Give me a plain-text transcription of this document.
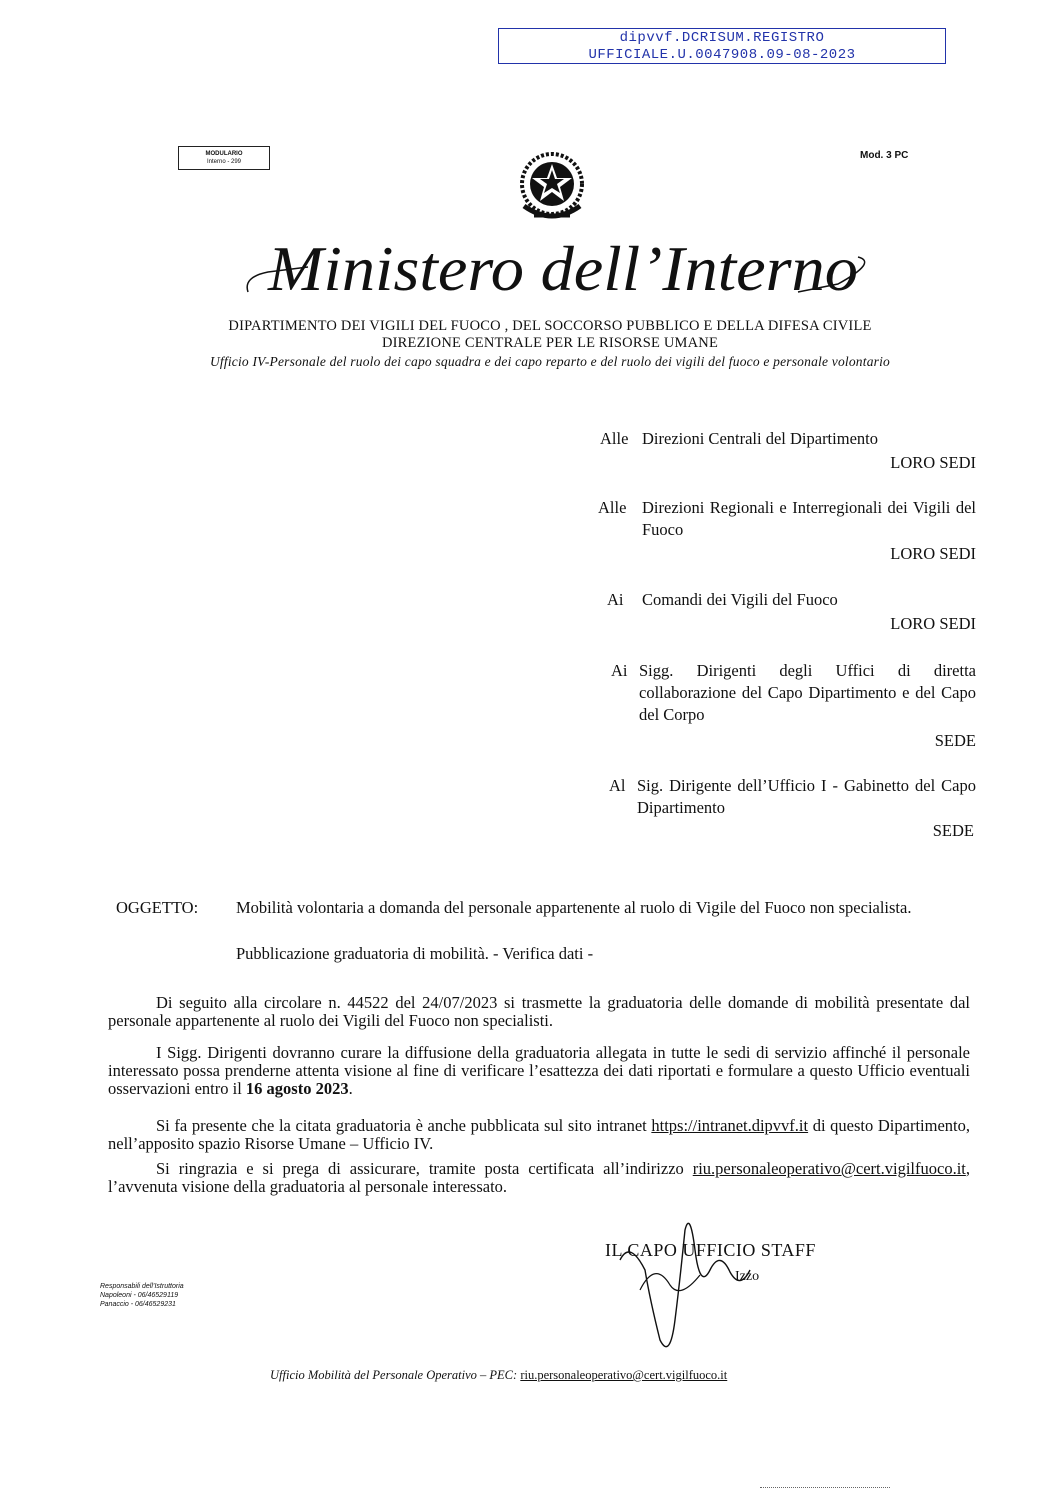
dipvvf.DCRISUM.REGISTRO
UFFICIALE.U.0047908.09-08-2023
MODULARIO
Interno - 299
Mod. 3 PC
Ministero dell’Interno
DIPARTIMENTO DEI VIGILI DEL FUOCO , DEL SOCCORSO PUBBLICO E DELLA DIFESA CIVILE
DIREZIONE CENTRALE PER LE RISORSE UMANE
Ufficio IV-Personale del ruolo dei capo squadra e dei capo reparto e del ruolo dei vigili del fuoco e personale volontario
Alle Direzioni Centrali del Dipartimento
LORO SEDI
Alle Direzioni Regionali e Interregionali dei Vigili del Fuoco
LORO SEDI
Ai Comandi dei Vigili del Fuoco
LORO SEDI
Ai Sigg. Dirigenti degli Uffici di diretta collaborazione del Capo Dipartimento e del Capo del Corpo
SEDE
Al Sig. Dirigente dell’Ufficio I - Gabinetto del Capo Dipartimento
SEDE
OGGETTO: Mobilità volontaria a domanda del personale appartenente al ruolo di Vigile del Fuoco non specialista.
Pubblicazione graduatoria di mobilità. - Verifica dati -
Di seguito alla circolare n. 44522 del 24/07/2023 si trasmette la graduatoria delle domande di mobilità presentate dal personale appartenente al ruolo dei Vigili del Fuoco non specialisti.
I Sigg. Dirigenti dovranno curare la diffusione della graduatoria allegata in tutte le sedi di servizio affinché il personale interessato possa prenderne attenta visione al fine di verificare l’esattezza dei dati riportati e formulare a questo Ufficio eventuali osservazioni entro il 16 agosto 2023.
Si fa presente che la citata graduatoria è anche pubblicata sul sito intranet https://intranet.dipvvf.it di questo Dipartimento, nell’apposito spazio Risorse Umane – Ufficio IV.
Si ringrazia e si prega di assicurare, tramite posta certificata all’indirizzo riu.personaleoperativo@cert.vigilfuoco.it, l’avvenuta visione della graduatoria al personale interessato.
IL CAPO UFFICIO STAFF
Izzo
Responsabili dell’Istruttoria
Napoleoni - 06/46529119
Panaccio - 06/46529231
Ufficio Mobilità del Personale Operativo – PEC: riu.personaleoperativo@cert.vigilfuoco.it
